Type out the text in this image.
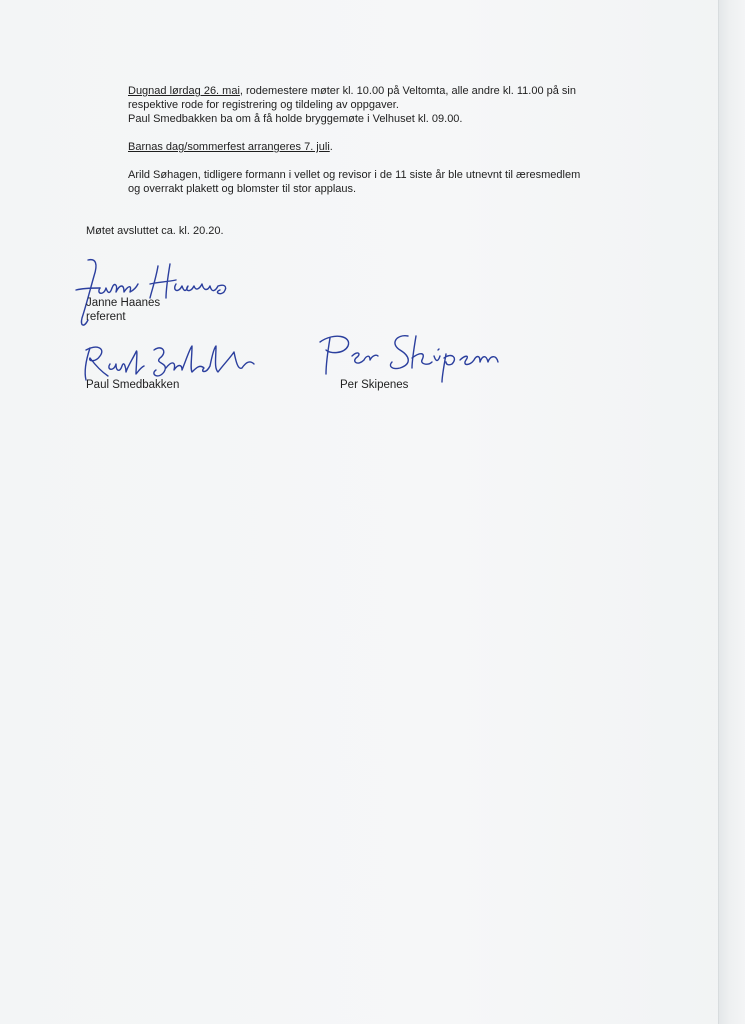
Dugnad lørdag 26. mai, rodemestere møter kl. 10.00 på Veltomta, alle andre kl. 11.00 på sin
respektive rode for registrering og tildeling av oppgaver.
Paul Smedbakken ba om å få holde bryggemøte i Velhuset kl. 09.00.
Barnas dag/sommerfest arrangeres 7. juli.
Arild Søhagen, tidligere formann i vellet og revisor i de 11 siste år ble utnevnt til æresmedlem
og overrakt plakett og blomster til stor applaus.
Møtet avsluttet ca. kl. 20.20.
Janne Haanes
referent
Paul Smedbakken	Per Skipenes
